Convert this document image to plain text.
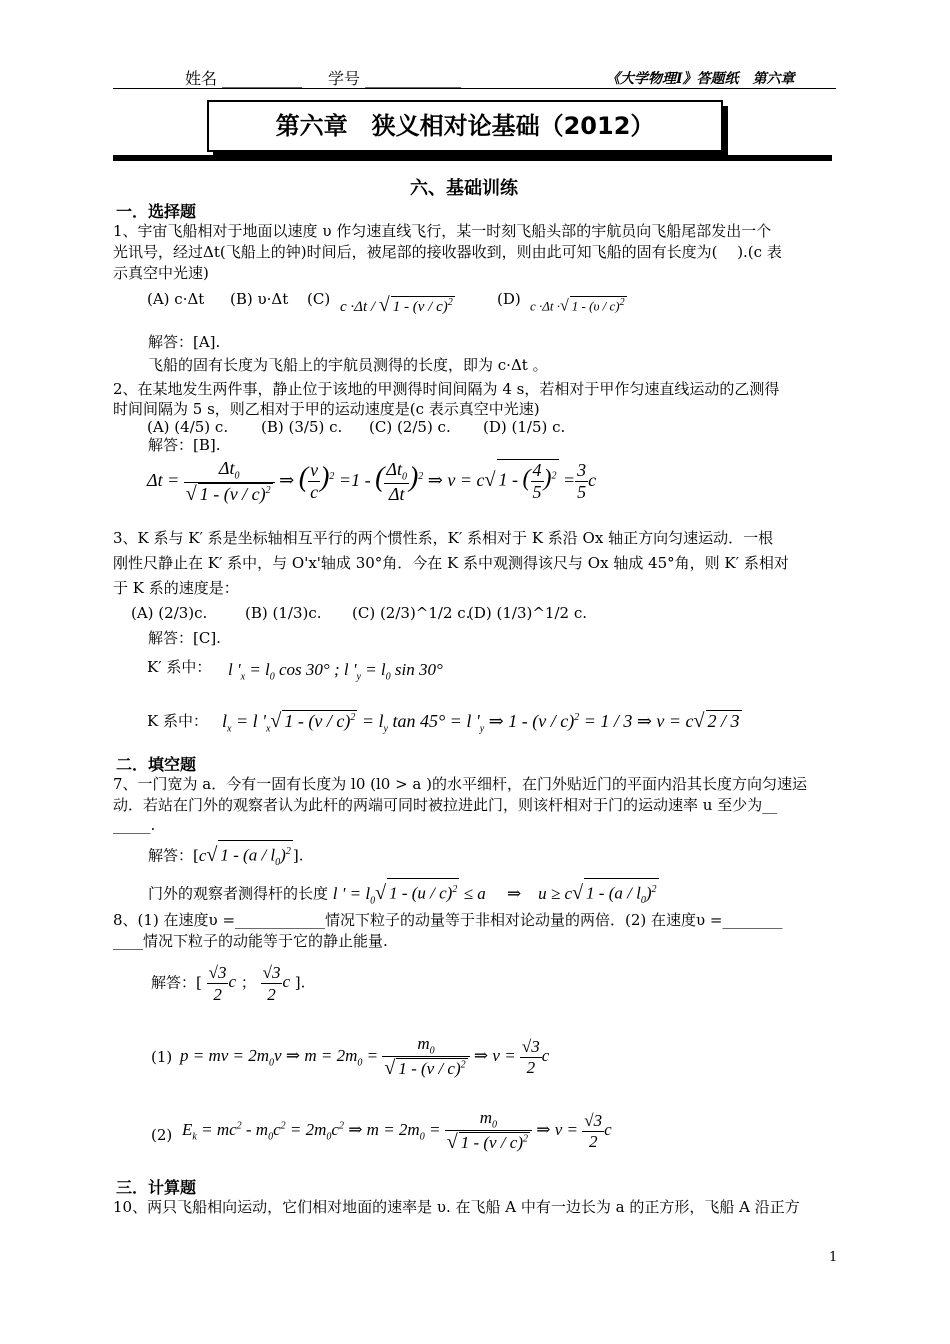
姓名 __________ 学号 ____________	《大学物理Ⅰ》答题纸　第六章
第六章　狭义相对论基础（2012）
六、基础训练
一．选择题
1、宇宙飞船相对于地面以速度 υ 作匀速直线飞行，某一时刻飞船头部的宇航员向飞船尾部发出一个
光讯号，经过Δt(飞船上的钟)时间后，被尾部的接收器收到，则由此可知飞船的固有长度为(　 ).(c 表
示真空中光速)
(A) c·Δt (B) υ·Δt (C) c ·Δt / √ 1 - (v / c)$^2$	(D) c ·Δt ·√ 1 - (υ / c)$^2$
解答：[A].
飞船的固有长度为飞船上的宇航员测得的长度，即为 c·Δt 。
2、在某地发生两件事，静止位于该地的甲测得时间间隔为 4 s，若相对于甲作匀速直线运动的乙测得
时间间隔为 5 s，则乙相对于甲的运动速度是(c 表示真空中光速)
(A) (4/5) c. (B) (3/5) c. (C) (2/5) c. (D) (1/5) c.
解答：[B].
$\Delta t = \frac{\Delta t_0}{√ 1 - (v / c)^2}$ ⇒ ( $\frac{v}{c} )^2 =1$ - ( $\frac{\Delta t_0}{\Delta t} )^2$ ⇒ v = c√ 1 - ( $\frac{4}{5} )^2 = \frac{3}{5}$ c
3、K 系与 K′ 系是坐标轴相互平行的两个惯性系，K′ 系相对于 K 系沿 Ox 轴正方向匀速运动．一根
刚性尺静止在 K′ 系中，与 O'x'轴成 30°角．今在 K 系中观测得该尺与 Ox 轴成 45°角，则 K′ 系相对
于 K 系的速度是：
(A) (2/3)c.	(B) (1/3)c. (C) (2/3)^1/2 c.
(D) (1/3)^1/2 c.
解答：[C].
K′ 系中： l '$_x = l_0$ cos 30° ; l '$_y = l_0$ sin 30°
K 系中： $l_x = l$ '$_x√$ $1 - (v / c)^2 = l_y$ tan 45° = l '$_y$ ⇒ 1 - (v / c)$^2$ = 1 / 3 ⇒ v = c√ 2 / 3
二．填空题
7、一门宽为 a．今有一固有长度为 l0 (l0 > a )的水平细杆，在门外贴近门的平面内沿其长度方向匀速运
动．若站在门外的观察者认为此杆的两端可同时被拉进此门，则该杆相对于门的运动速率 u 至少为__
_____.
解答：[c√ $1 - (a / l_0)^2$ ].
门外的观察者测得杆的长度 l ' = $l_0√$ 1 - (u / c)$^2$ ≤ a     ⇒    u ≥ c√ $1 - (a / l_0)^2$
8、(1) 在速度υ =____________情况下粒子的动量等于非相对论动量的两倍．(2) 在速度υ =________
____情况下粒子的动能等于它的静止能量.
解答：[ $\frac{√3}{2}$ c ； $\frac{√3}{2}$ c ].
(1) p = mv = $2m_0v$ ⇒ $m = 2m_0 = \frac{m_0}{√ 1 - (v / c)^2}$ ⇒ $v = \frac{√3}{2}$ c
(2) $E_k = mc^2 - m_0c^2 = 2m_0c^2$ ⇒ $m = 2m_0 = \frac{m_0}{√ 1 - (v / c)^2}$ ⇒ $v = \frac{√3}{2}$ c
三．计算题
10、两只飞船相向运动，它们相对地面的速率是 υ. 在飞船 A 中有一边长为 a 的正方形，飞船 A 沿正方
1
